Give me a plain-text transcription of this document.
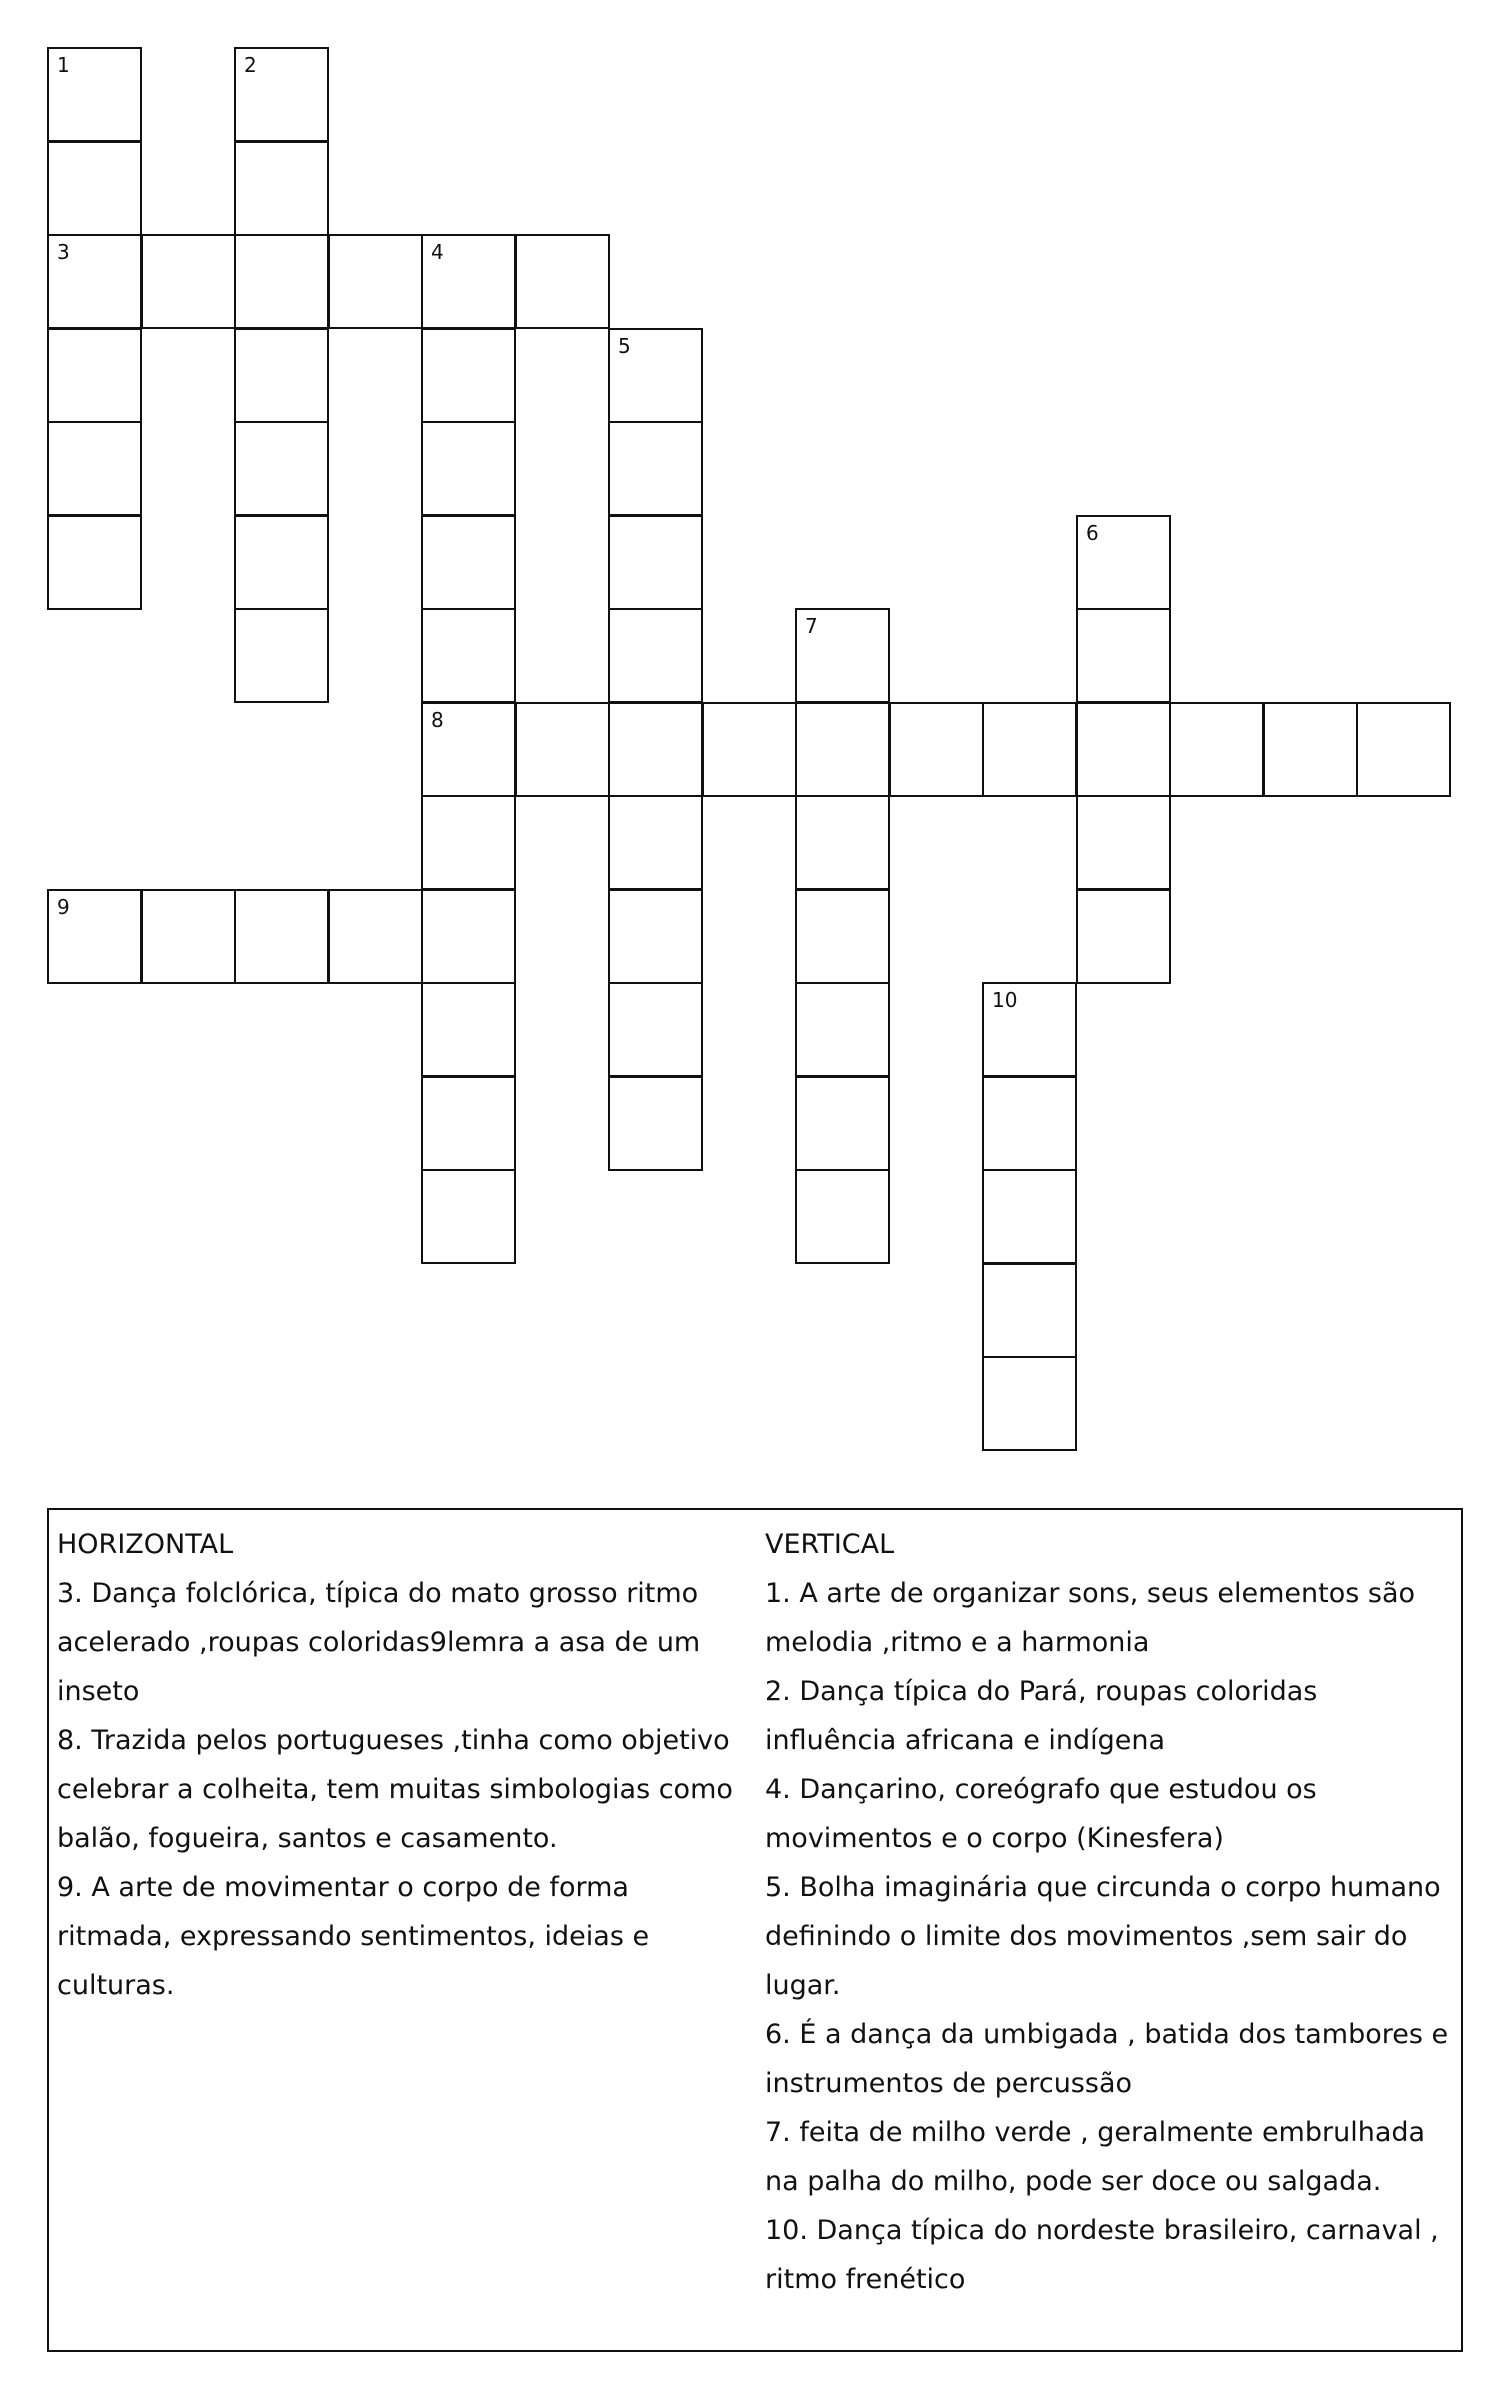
1
3
2
4
8
5
6
7
9
10

HORIZONTAL

3. Dança folclórica, típica do mato grosso ritmo acelerado ,roupas coloridas9lemra a asa de um inseto

8. Trazida pelos portugueses ,tinha como objetivo celebrar a colheita, tem muitas simbologias como balão, fogueira, santos e casamento.

9. A arte de movimentar o corpo de forma ritmada, expressando sentimentos, ideias e culturas.

VERTICAL

1. A arte de organizar sons, seus elementos são melodia ,ritmo e a harmonia

2. Dança típica do Pará, roupas coloridas influência africana e indígena

4. Dançarino, coreógrafo que estudou os movimentos e o corpo (Kinesfera)

5. Bolha imaginária que circunda o corpo humano definindo o limite dos movimentos ,sem sair do lugar.

6. É a dança da umbigada , batida dos tambores e instrumentos de percussão

7. feita de milho verde , geralmente embrulhada na palha do milho, pode ser doce ou salgada.

10. Dança típica do nordeste brasileiro, carnaval , ritmo frenético
